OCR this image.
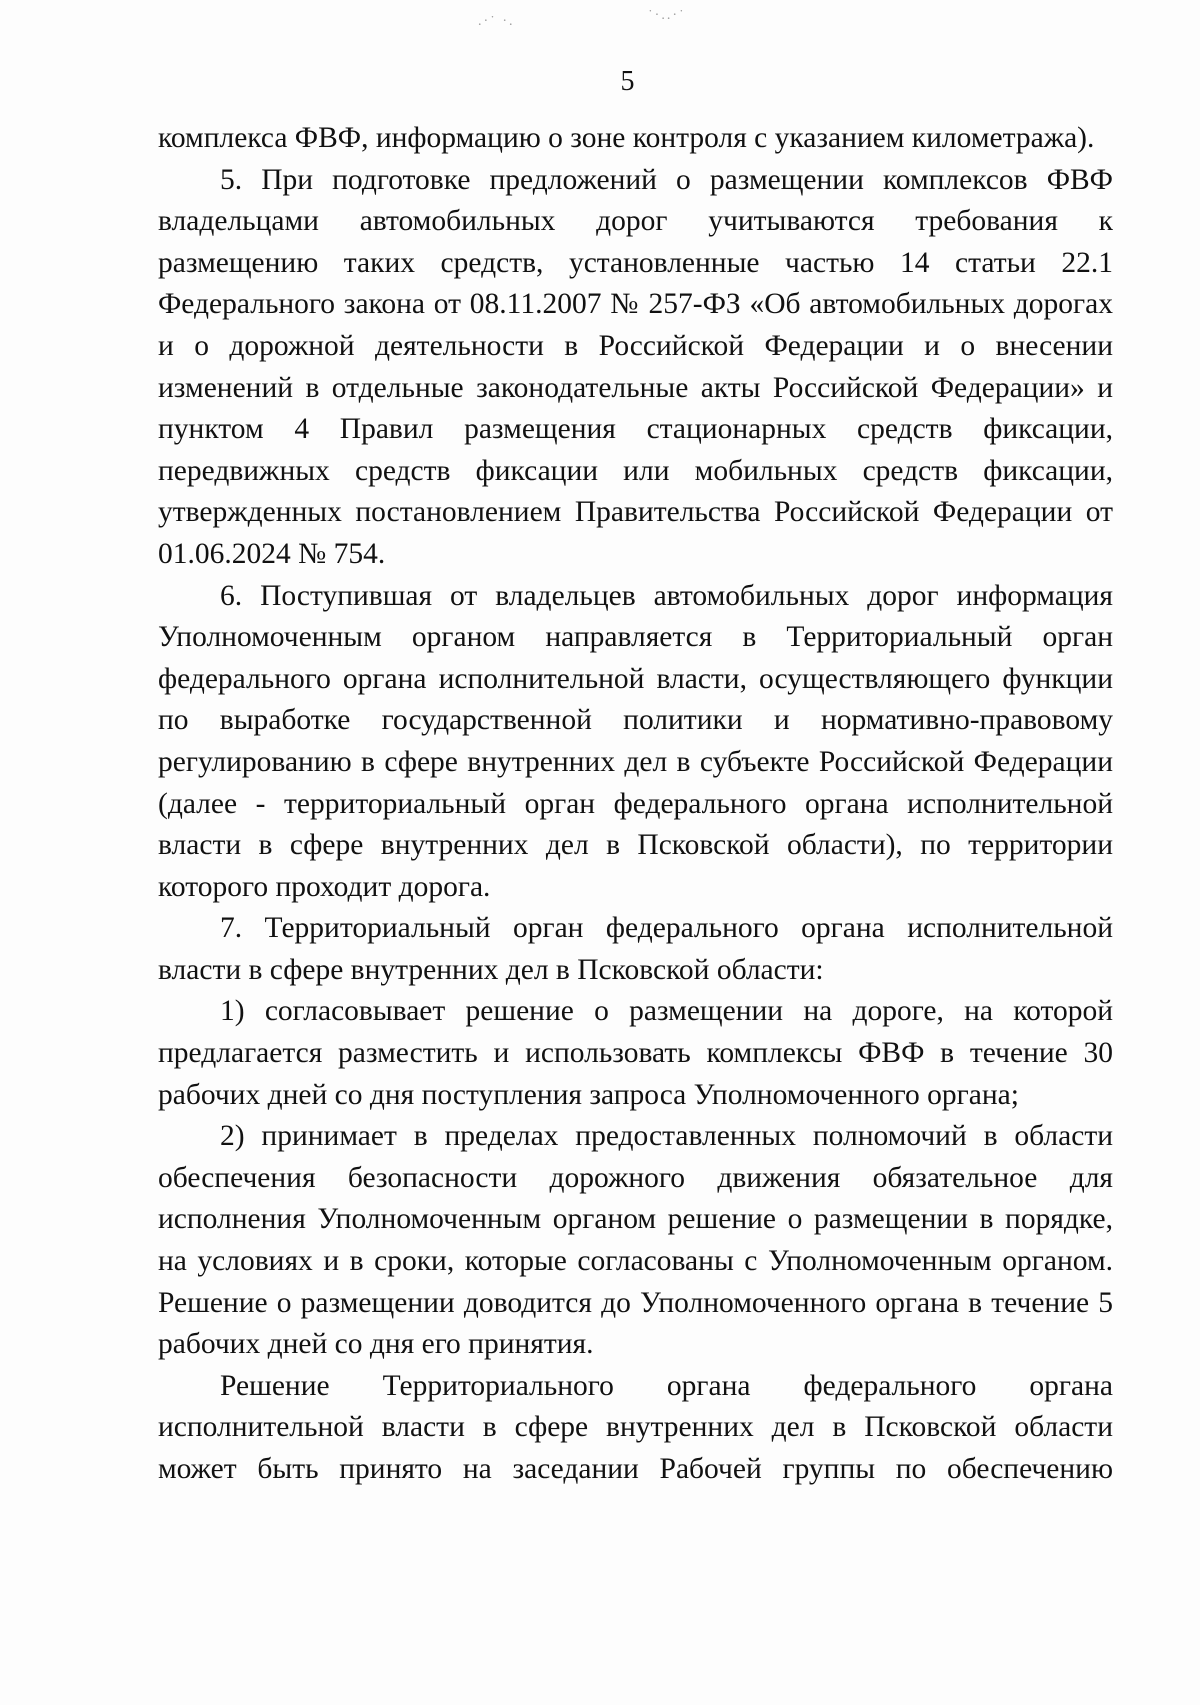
.·˙ ·.	˙·..·˙
5

комплекса ФВФ, информацию о зоне контроля с указанием километража).

5. При подготовке предложений о размещении комплексов ФВФ владельцами автомобильных дорог учитываются требования к размещению таких средств, установленные частью 14 статьи 22.1 Федерального закона от 08.11.2007 № 257-ФЗ «Об автомобильных дорогах и о дорожной деятельности в Российской Федерации и о внесении изменений в отдельные законодательные акты Российской Федерации» и пунктом 4 Правил размещения стационарных средств фиксации, передвижных средств фиксации или мобильных средств фиксации, утвержденных постановлением Правительства Российской Федерации от 01.06.2024 № 754.

6. Поступившая от владельцев автомобильных дорог информация Уполномоченным органом направляется в Территориальный орган федерального органа исполнительной власти, осуществляющего функции по выработке государственной политики и нормативно-правовому регулированию в сфере внутренних дел в субъекте Российской Федерации (далее - территориальный орган федерального органа исполнительной власти в сфере внутренних дел в Псковской области), по территории которого проходит дорога.

7. Территориальный орган федерального органа исполнительной власти в сфере внутренних дел в Псковской области:

1) согласовывает решение о размещении на дороге, на которой предлагается разместить и использовать комплексы ФВФ в течение 30 рабочих дней со дня поступления запроса Уполномоченного органа;

2) принимает в пределах предоставленных полномочий в области обеспечения безопасности дорожного движения обязательное для исполнения Уполномоченным органом решение о размещении в порядке, на условиях и в сроки, которые согласованы с Уполномоченным органом. Решение о размещении доводится до Уполномоченного органа в течение 5 рабочих дней со дня его принятия.

Решение Территориального органа федерального органа исполнительной власти в сфере внутренних дел в Псковской области может быть принято на заседании Рабочей группы по обеспечению
